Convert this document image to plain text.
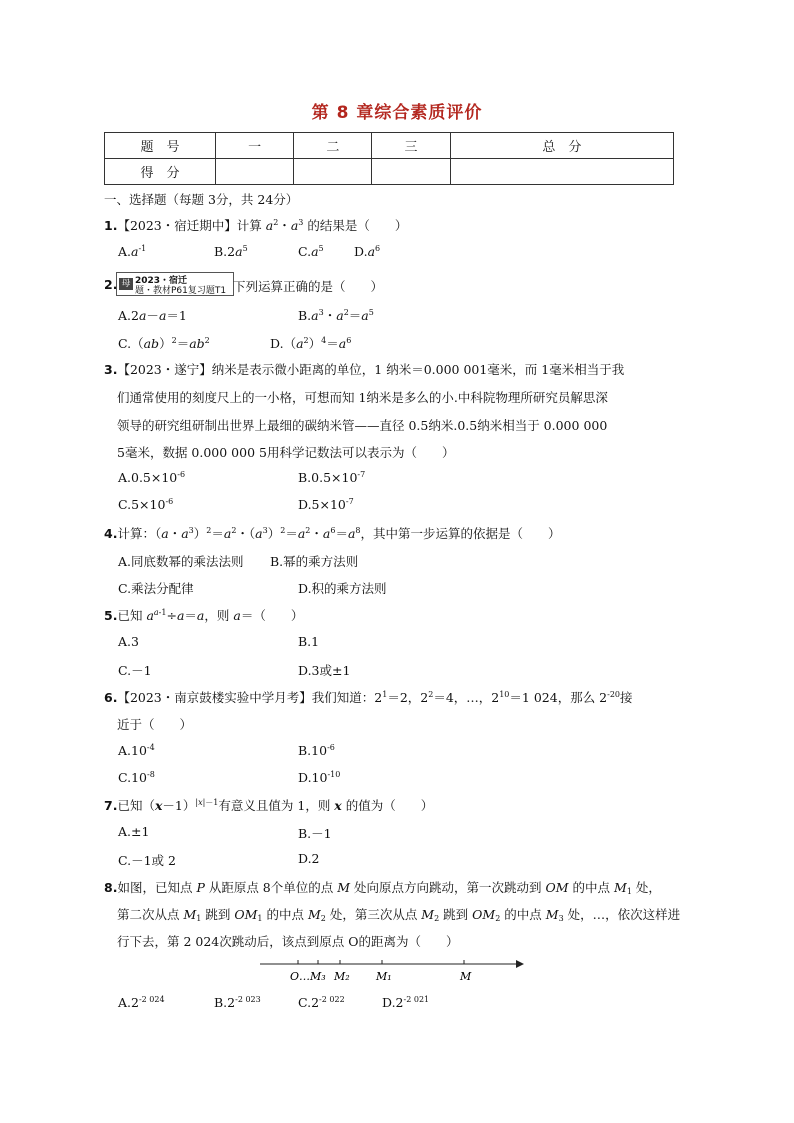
第 8 章综合素质评价
题　号	一	二	三	总　分
得　分				
一、选择题（每题 3分，共 24分）
1.【2023・宿迁期中】计算 $a^2$・$a^3$ 的结果是（　　）
$A.a^{-1}$	$B.2a^5$	$C.a^5$ $D.a^6$
2. 母 2023・宿迁
题・教材P61复习题T1 下列运算正确的是（　　）
A.2a－a＝1	$B.a^3$・$a^2=a^5$
$C.(ab)^2=ab^2$	$D.(a^2)^4=a^6$
3.【2023・遂宁】纳米是表示微小距离的单位，1 纳米＝0.000 001毫米，而 1毫米相当于我
们通常使用的刻度尺上的一小格，可想而知 1纳米是多么的小.中科院物理所研究员解思深
领导的研究组研制出世界上最细的碳纳米管——直径 0.5纳米.0.5纳米相当于 0.000 000
5毫米，数据 0.000 000 5用科学记数法可以表示为（　　）
$A.0.5\times 10^{-6}$	$B.0.5\times 10^{-7}$
$C.5\times 10^{-6}$	$D.5\times 10^{-7}$
4.计算：（a・$a^3)^2=a^2$・$(a^3)^2=a^2$・$a^6=a^8$，其中第一步运算的依据是（　　）
A.同底数幂的乘法法则 B.幂的乘方法则
C.乘法分配律	D.积的乘方法则
5.已知 $a^{a-1}\div a=a$，则 a＝（　　）
A.3	B.1
C.－1	D.3或±1
6.【2023・南京鼓楼实验中学月考】我们知道：$2^1=2$，$2^2=4$，…，$2^{10}=1$ 024，那么 $2^{-20}$接
近于（　　）
$A.10^{-4}$	$B.10^{-6}$
$C.10^{-8}$	$D.10^{-10}$
7.已知$(x-1)^{|x|-1}$有意义且值为 1，则 x 的值为（　　）
A.±1	B.－1
C.－1或 2	D.2
8.如图，已知点 P 从距原点 8个单位的点 M 处向原点方向跳动，第一次跳动到 OM 的中点 $M_1$ 处，
第二次从点 $M_1$ 跳到 $OM_1$ 的中点 $M_2$ 处，第三次从点 $M_2$ 跳到 $OM_2$ 的中点 $M_3$ 处，…，依次这样进
行下去，第 2 024次跳动后，该点到原点 O的距离为（　　）
O…M₃ M₂ M₁	M
$A.2^{-2 024}$	$B.2^{-2 023}$	$C.2^{-2 022}$	$D.2^{-2 021}$
